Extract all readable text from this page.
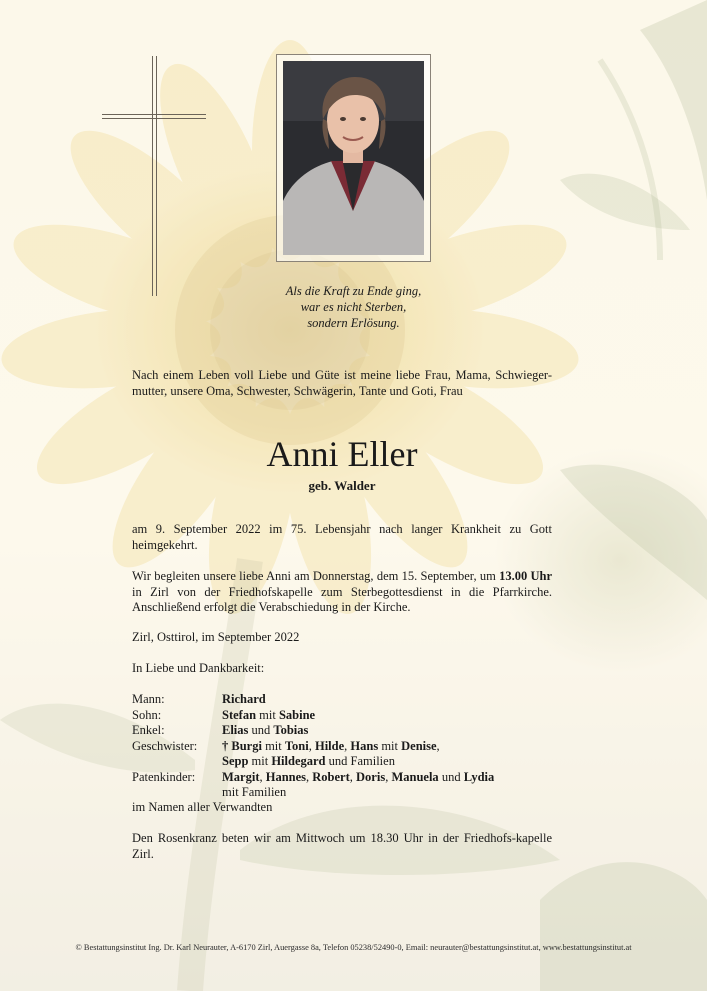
Als die Kraft zu Ende ging,
war es nicht Sterben,
sondern Erlösung.
Nach einem Leben voll Liebe und Güte ist meine liebe Frau, Mama, Schwieger-mutter, unsere Oma, Schwester, Schwägerin, Tante und Goti, Frau
Anni Eller
geb. Walder
am 9. September 2022 im 75. Lebensjahr nach langer Krankheit zu Gott heimgekehrt.
Wir begleiten unsere liebe Anni am Donnerstag, dem 15. September, um 13.00 Uhr in Zirl von der Friedhofskapelle zum Sterbegottesdienst in die Pfarrkirche. Anschließend erfolgt die Verabschiedung in der Kirche.
Zirl, Osttirol, im September 2022
In Liebe und Dankbarkeit:
Mann:	Richard
Sohn:	Stefan mit Sabine
Enkel:	Elias und Tobias
Geschwister:	† Burgi mit Toni, Hilde, Hans mit Denise,
Sepp mit Hildegard und Familien
Patenkinder:	Margit, Hannes, Robert, Doris, Manuela und Lydia
mit Familien
im Namen aller Verwandten
Den Rosenkranz beten wir am Mittwoch um 18.30 Uhr in der Friedhofs-kapelle Zirl.
© Bestattungsinstitut Ing. Dr. Karl Neurauter, A-6170 Zirl, Auergasse 8a, Telefon 05238/52490-0, Email: neurauter@bestattungsinstitut.at, www.bestattungsinstitut.at
